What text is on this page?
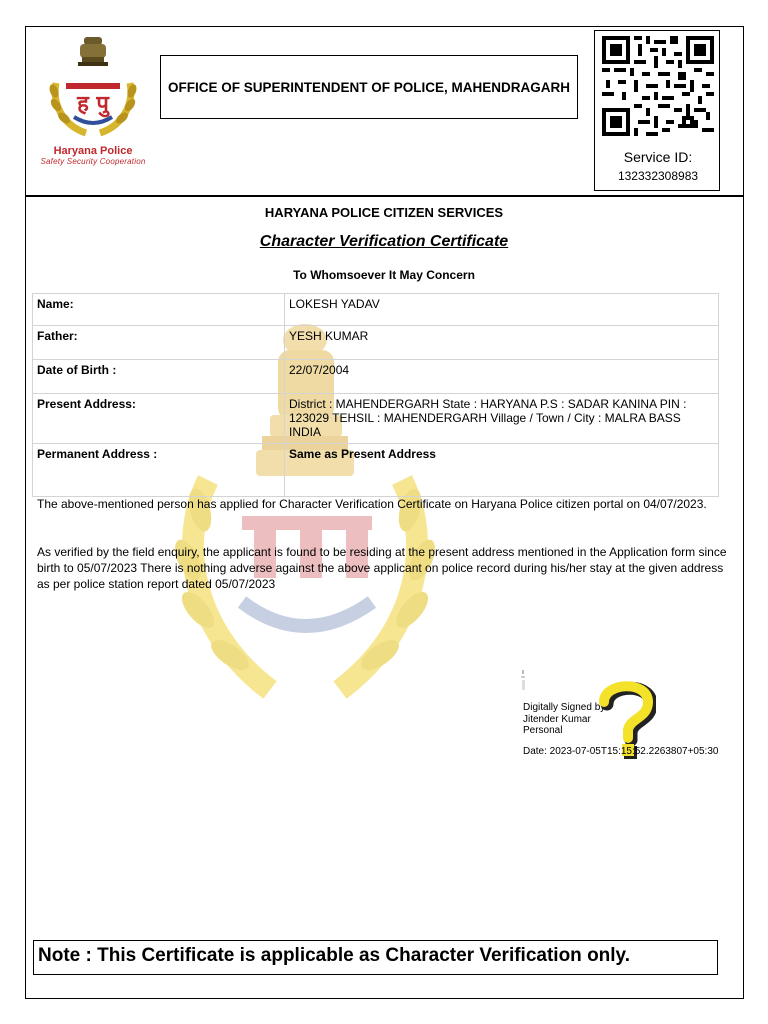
ह पु
Haryana Police
Safety Security Cooperation
OFFICE OF SUPERINTENDENT OF POLICE, MAHENDRAGARH
Service ID:
132332308983
HARYANA POLICE CITIZEN SERVICES
Character Verification Certificate
To Whomsoever It May Concern
Name:	LOKESH YADAV
Father:	YESH KUMAR
Date of Birth :	22/07/2004
Present Address:	District : MAHENDERGARH State : HARYANA P.S : SADAR KANINA PIN : 123029 TEHSIL : MAHENDERGARH Village / Town / City : MALRA BASS INDIA
Permanent Address :	Same as Present Address
The above-mentioned person has applied for Character Verification Certificate on Haryana Police citizen portal on 04/07/2023.
As verified by the field enquiry, the applicant is found to be residing at the present address mentioned in the Application form since birth to 05/07/2023 There is nothing adverse against the above applicant on police record during his/her stay at the given address as per police station report dated 05/07/2023
Digitally Signed by:
Jitender Kumar
Personal
Date: 2023-07-05T15:15:52.2263807+05:30
Note : This Certificate is applicable as Character Verification only.
